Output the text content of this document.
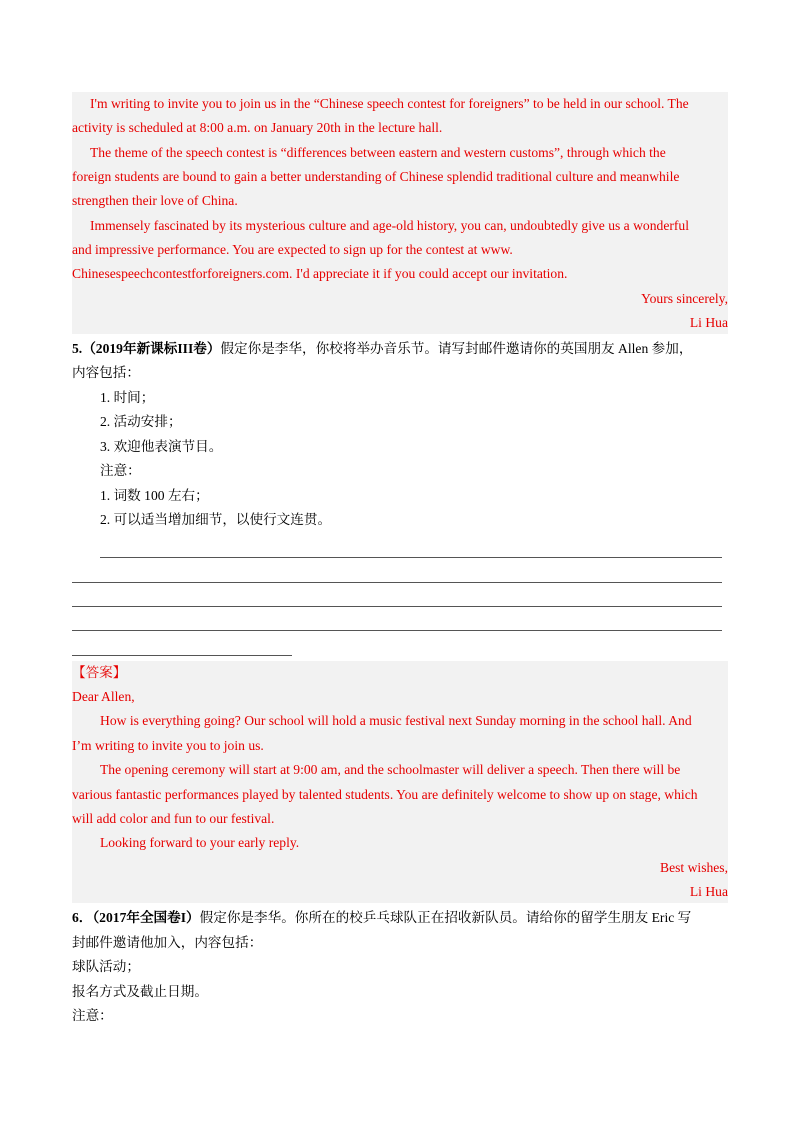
I'm writing to invite you to join us in the “Chinese speech contest for foreigners” to be held in our school. The
activity is scheduled at 8:00 a.m. on January 20th in the lecture hall.
The theme of the speech contest is “differences between eastern and western customs”, through which the
foreign students are bound to gain a better understanding of Chinese splendid traditional culture and meanwhile
strengthen their love of China.
Immensely fascinated by its mysterious culture and age-old history, you can, undoubtedly give us a wonderful
and impressive performance. You are expected to sign up for the contest at www.
Chinesespeechcontestforforeigners.com. I'd appreciate it if you could accept our invitation.
Yours sincerely,
Li Hua
5.（2019年新课标III卷）假定你是李华，你校将举办音乐节。请写封邮件邀请你的英国朋友 Allen 参加，
内容包括：
1. 时间；
2. 活动安排；
3. 欢迎他表演节目。
注意：
1. 词数 100 左右；
2. 可以适当增加细节，以使行文连贯。
【答案】
Dear Allen,
How is everything going? Our school will hold a music festival next Sunday morning in the school hall. And
I’m writing to invite you to join us.
The opening ceremony will start at 9:00 am, and the schoolmaster will deliver a speech. Then there will be
various fantastic performances played by talented students. You are definitely welcome to show up on stage, which
will add color and fun to our festival.
Looking forward to your early reply.
Best wishes,
Li Hua
6．（2017年全国卷I）假定你是李华。你所在的校乒乓球队正在招收新队员。请给你的留学生朋友 Eric 写
封邮件邀请他加入，内容包括：
球队活动；
报名方式及截止日期。
注意：
